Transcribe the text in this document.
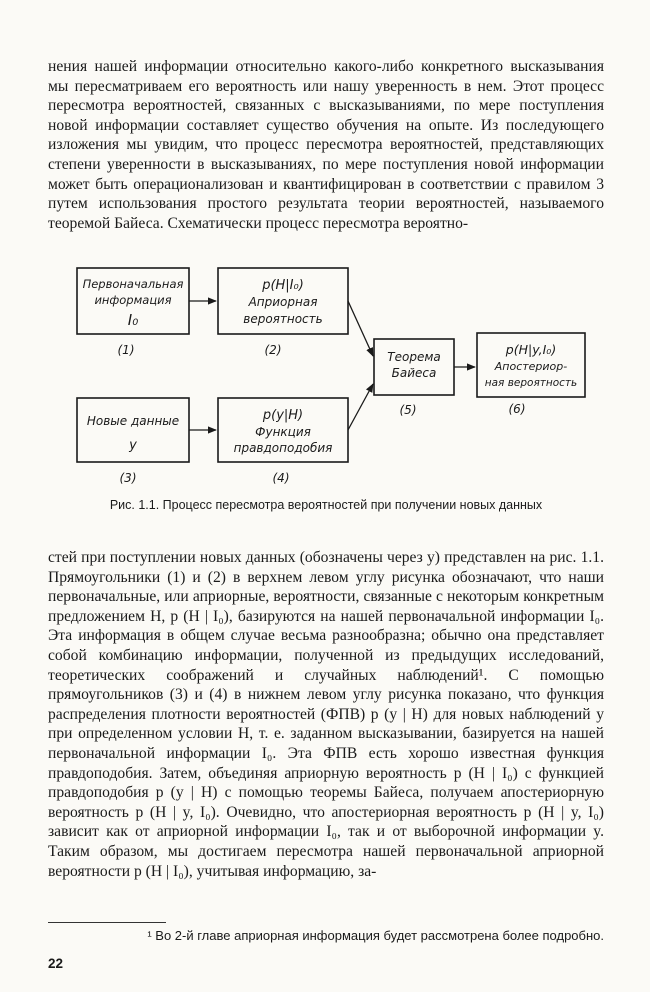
нения нашей информации относительно какого-либо конкретного высказывания мы пересматриваем его вероятность или нашу уверенность в нем. Этот процесс пересмотра вероятностей, связанных с высказываниями, по мере поступления новой информации составляет существо обучения на опыте. Из последующего изложения мы увидим, что процесс пересмотра вероятностей, представляющих степени уверенности в высказываниях, по мере поступления новой информации может быть операционализован и квантифицирован в соответствии с правилом 3 путем использования простого результата теории вероятностей, называемого теоремой Байеса. Схематически процесс пересмотра вероятно-

Первоначальная
информация
I₀
(1)
p(H|I₀)
Априорная
вероятность
(2)
Новые данные
y
(3)
p(y|H)
Функция
правдоподобия
(4)
Теорема
Байеса
(5)
p(H|y,I₀)
Апостериор-
ная вероятность
(6)

Рис. 1.1. Процесс пересмотра вероятностей при получении новых данных

стей при поступлении новых данных (обозначены через y) представлен на рис. 1.1. Прямоугольники (1) и (2) в верхнем левом углу рисунка обозначают, что наши первоначальные, или априорные, вероятности, связанные с некоторым конкретным предложением H, p (H | I₀), базируются на нашей первоначальной информации I₀. Эта информация в общем случае весьма разнообразна; обычно она представляет собой комбинацию информации, полученной из предыдущих исследований, теоретических соображений и случайных наблюдений¹. С помощью прямоугольников (3) и (4) в нижнем левом углу рисунка показано, что функция распределения плотности вероятностей (ФПВ) p (y | H) для новых наблюдений y при определенном условии H, т. е. заданном высказывании, базируется на нашей первоначальной информации I₀. Эта ФПВ есть хорошо известная функция правдоподобия. Затем, объединяя априорную вероятность p (H | I₀) с функцией правдоподобия p (y | H) с помощью теоремы Байеса, получаем апостериорную вероятность p (H | y, I₀). Очевидно, что апостериорная вероятность p (H | y, I₀) зависит как от априорной информации I₀, так и от выборочной информации y. Таким образом, мы достигаем пересмотра нашей первоначальной априорной вероятности p (H | I₀), учитывая информацию, за-

¹ Во 2-й главе априорная информация будет рассмотрена более подробно.

22
